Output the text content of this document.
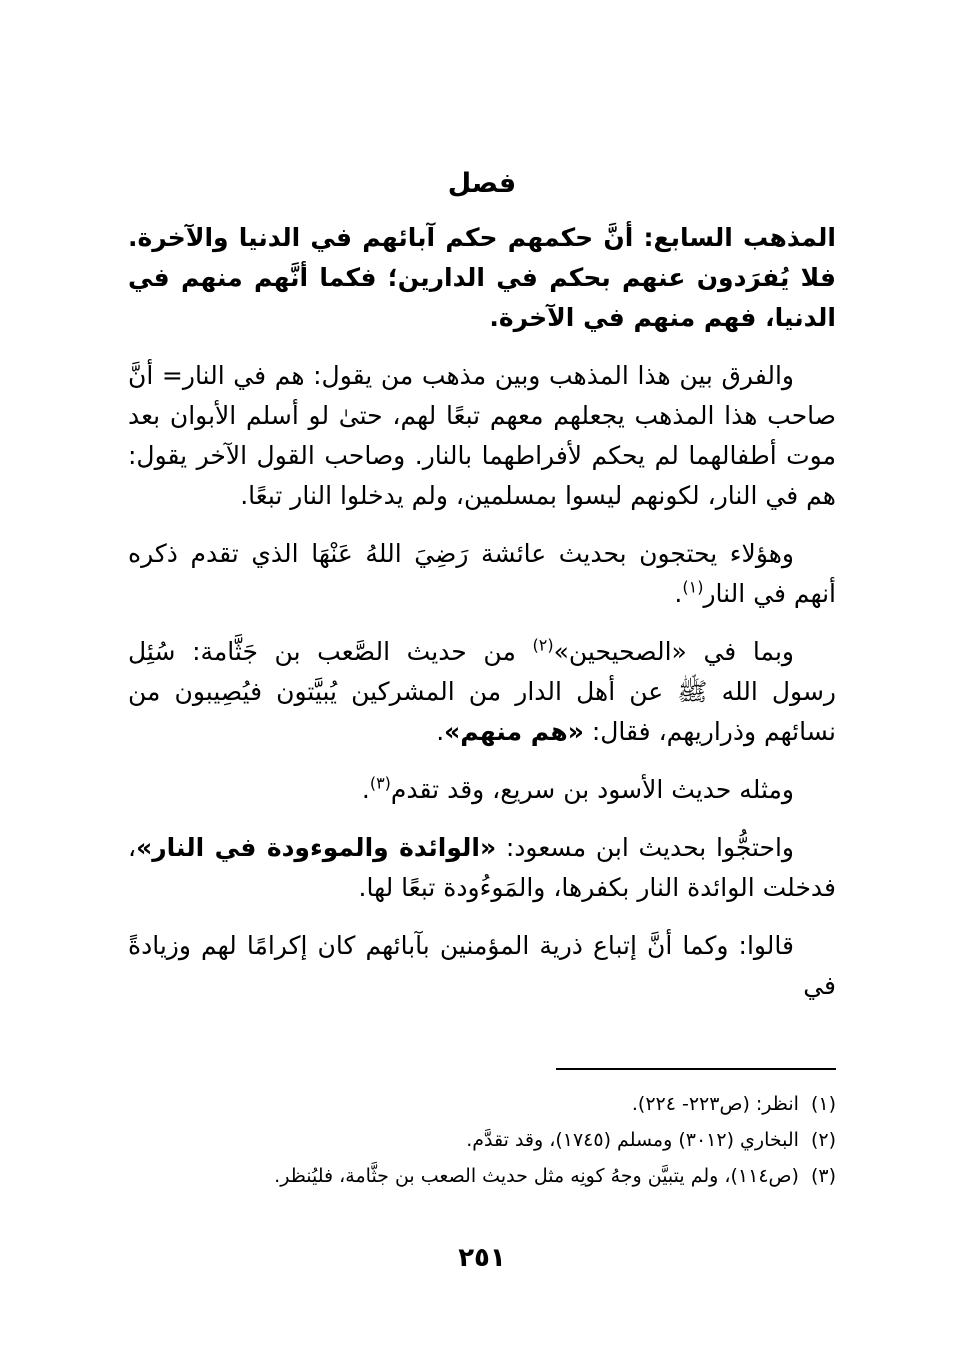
فصل

المذهب السابع: أنَّ حكمهم حكم آبائهم في الدنيا والآخرة. فلا يُفرَدون عنهم بحكم في الدارين؛ فكما أنَّهم منهم في الدنيا، فهم منهم في الآخرة.

والفرق بين هذا المذهب وبين مذهب من يقول: هم في النار= أنَّ صاحب هذا المذهب يجعلهم معهم تبعًا لهم، حتىٰ لو أسلم الأبوان بعد موت أطفالهما لم يحكم لأفراطهما بالنار. وصاحب القول الآخر يقول: هم في النار، لكونهم ليسوا بمسلمين، ولم يدخلوا النار تبعًا.

وهؤلاء يحتجون بحديث عائشة رَضِيَ اللهُ عَنْهَا الذي تقدم ذكره أنهم في النار$^{(١)}$.

وبما في «الصحيحين»$^{(٢)}$ من حديث الصَّعب بن جَثَّامة: سُئِل رسول الله ﷺ عن أهل الدار من المشركين يُبيَّتون فيُصِيبون من نسائهم وذراريهم، فقال: «هم منهم».

ومثله حديث الأسود بن سريع، وقد تقدم$^{(٣)}$.

واحتجُّوا بحديث ابن مسعود: «الوائدة والموءودة في النار»، فدخلت الوائدة النار بكفرها، والمَوءُودة تبعًا لها.

قالوا: وكما أنَّ إتباع ذرية المؤمنين بآبائهم كان إكرامًا لهم وزيادةً في

(١)انظر: (ص٢٢٣- ٢٢٤).
(٢)البخاري (٣٠١٢) ومسلم (١٧٤٥)، وقد تقدَّم.
(٣)(ص١١٤)، ولم يتبيَّن وجهُ كونِه مثل حديث الصعب بن جثَّامة، فليُنظر.
٢٥١
